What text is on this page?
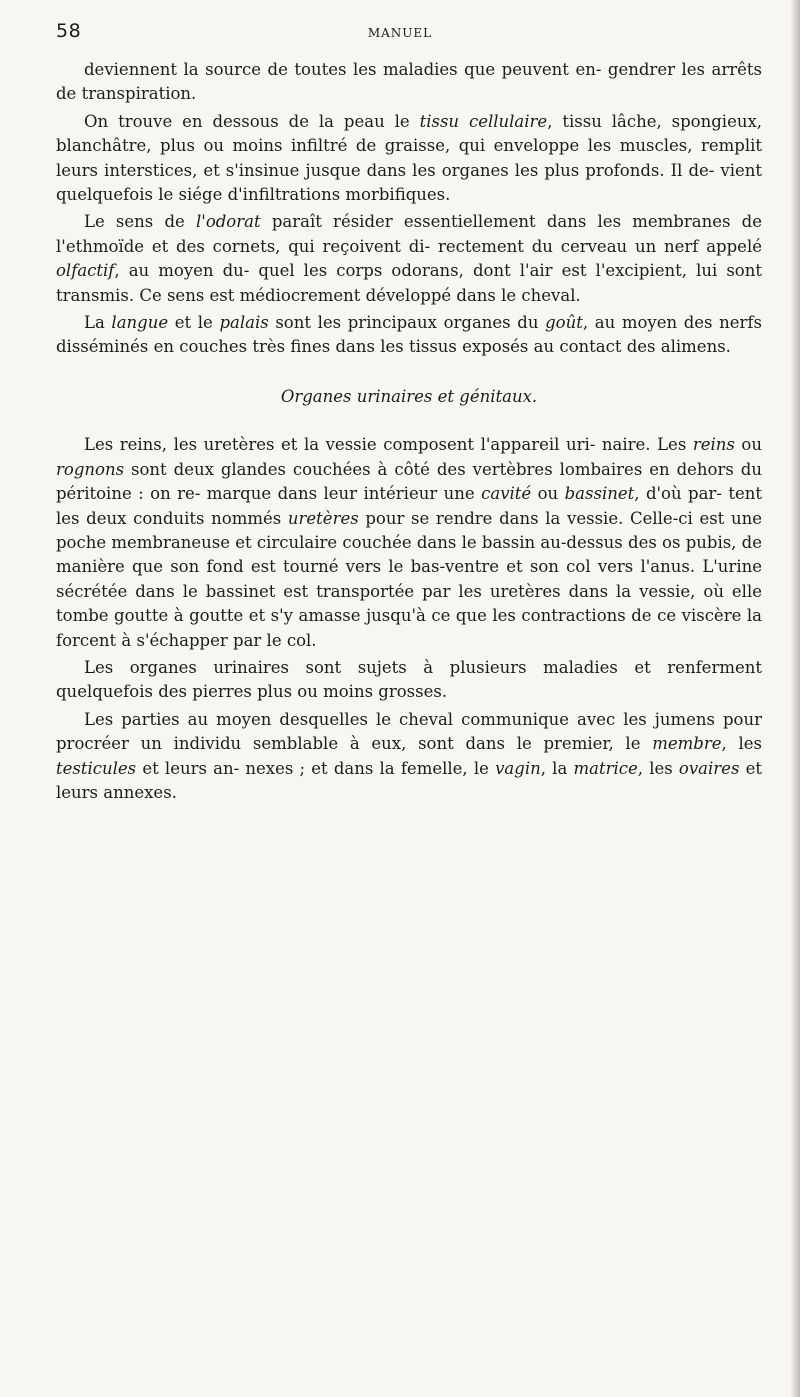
58	MANUEL

deviennent la source de toutes les maladies que peuvent en- gendrer les arrêts de transpiration.

On trouve en dessous de la peau le tissu cellulaire, tissu lâche, spongieux, blanchâtre, plus ou moins infiltré de graisse, qui enveloppe les muscles, remplit leurs interstices, et s'insinue jusque dans les organes les plus profonds. Il de- vient quelquefois le siége d'infiltrations morbifiques.

Le sens de l'odorat paraît résider essentiellement dans les membranes de l'ethmoïde et des cornets, qui reçoivent di- rectement du cerveau un nerf appelé olfactif, au moyen du- quel les corps odorans, dont l'air est l'excipient, lui sont transmis. Ce sens est médiocrement développé dans le cheval.

La langue et le palais sont les principaux organes du goût, au moyen des nerfs disséminés en couches très fines dans les tissus exposés au contact des alimens.

Organes urinaires et génitaux.

Les reins, les uretères et la vessie composent l'appareil uri- naire. Les reins ou rognons sont deux glandes couchées à côté des vertèbres lombaires en dehors du péritoine : on re- marque dans leur intérieur une cavité ou bassinet, d'où par- tent les deux conduits nommés uretères pour se rendre dans la vessie. Celle-ci est une poche membraneuse et circulaire couchée dans le bassin au-dessus des os pubis, de manière que son fond est tourné vers le bas-ventre et son col vers l'anus. L'urine sécrétée dans le bassinet est transportée par les uretères dans la vessie, où elle tombe goutte à goutte et s'y amasse jusqu'à ce que les contractions de ce viscère la forcent à s'échapper par le col.

Les organes urinaires sont sujets à plusieurs maladies et renferment quelquefois des pierres plus ou moins grosses.

Les parties au moyen desquelles le cheval communique avec les jumens pour procréer un individu semblable à eux, sont dans le premier, le membre, les testicules et leurs an- nexes ; et dans la femelle, le vagin, la matrice, les ovaires et leurs annexes.
